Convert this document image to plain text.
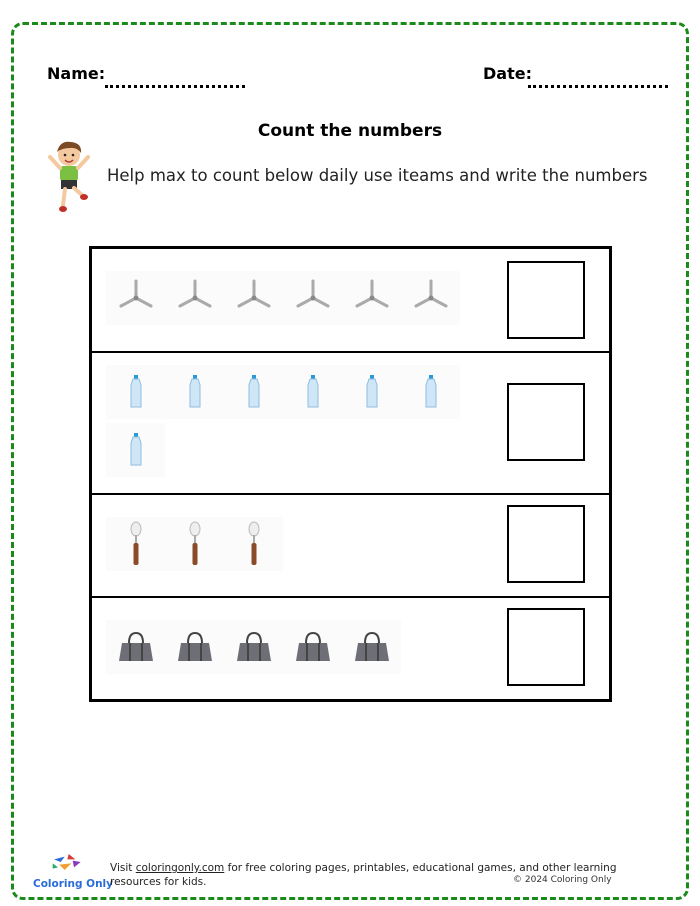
Name:	Date:
Count the numbers
Help max to count below daily use iteams and write the numbers
Coloring Only
Visit coloringonly.com for free coloring pages, printables, educational games, and other learning resources for kids.	© 2024 Coloring Only
